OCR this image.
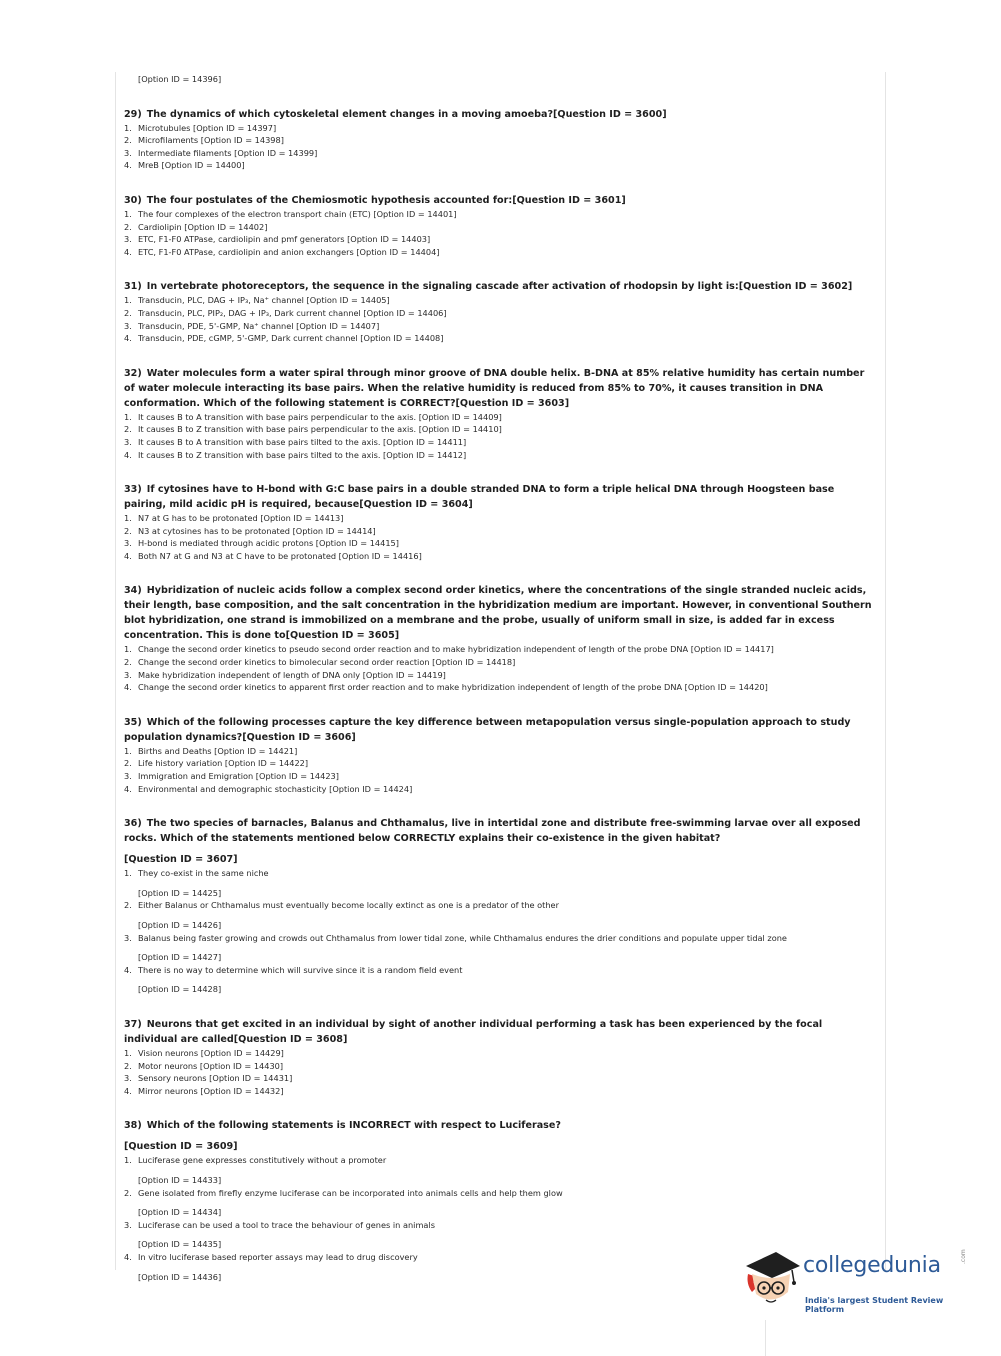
[Option ID = 14396]
29) The dynamics of which cytoskeletal element changes in a moving amoeba?[Question ID = 3600]
1. Microtubules [Option ID = 14397]
2. Microfilaments [Option ID = 14398]
3. Intermediate filaments [Option ID = 14399]
4. MreB [Option ID = 14400]
30) The four postulates of the Chemiosmotic hypothesis accounted for:[Question ID = 3601]
1. The four complexes of the electron transport chain (ETC) [Option ID = 14401]
2. Cardiolipin [Option ID = 14402]
3. ETC, F1-F0 ATPase, cardiolipin and pmf generators [Option ID = 14403]
4. ETC, F1-F0 ATPase, cardiolipin and anion exchangers [Option ID = 14404]
31) In vertebrate photoreceptors, the sequence in the signaling cascade after activation of rhodopsin by light is:[Question ID = 3602]
1. Transducin, PLC, DAG + IP₃, Na⁺ channel [Option ID = 14405]
2. Transducin, PLC, PIP₂, DAG + IP₃, Dark current channel [Option ID = 14406]
3. Transducin, PDE, 5'-GMP, Na⁺ channel [Option ID = 14407]
4. Transducin, PDE, cGMP, 5'-GMP, Dark current channel [Option ID = 14408]
32) Water molecules form a water spiral through minor groove of DNA double helix. B-DNA at 85% relative humidity has certain number of water molecule interacting its base pairs. When the relative humidity is reduced from 85% to 70%, it causes transition in DNA conformation. Which of the following statement is CORRECT?[Question ID = 3603]
1. It causes B to A transition with base pairs perpendicular to the axis. [Option ID = 14409]
2. It causes B to Z transition with base pairs perpendicular to the axis. [Option ID = 14410]
3. It causes B to A transition with base pairs tilted to the axis. [Option ID = 14411]
4. It causes B to Z transition with base pairs tilted to the axis. [Option ID = 14412]
33) If cytosines have to H-bond with G:C base pairs in a double stranded DNA to form a triple helical DNA through Hoogsteen base pairing, mild acidic pH is required, because[Question ID = 3604]
1. N7 at G has to be protonated [Option ID = 14413]
2. N3 at cytosines has to be protonated [Option ID = 14414]
3. H-bond is mediated through acidic protons [Option ID = 14415]
4. Both N7 at G and N3 at C have to be protonated [Option ID = 14416]
34) Hybridization of nucleic acids follow a complex second order kinetics, where the concentrations of the single stranded nucleic acids, their length, base composition, and the salt concentration in the hybridization medium are important. However, in conventional Southern blot hybridization, one strand is immobilized on a membrane and the probe, usually of uniform small in size, is added far in excess concentration. This is done to[Question ID = 3605]
1. Change the second order kinetics to pseudo second order reaction and to make hybridization independent of length of the probe DNA [Option ID = 14417]
2. Change the second order kinetics to bimolecular second order reaction [Option ID = 14418]
3. Make hybridization independent of length of DNA only [Option ID = 14419]
4. Change the second order kinetics to apparent first order reaction and to make hybridization independent of length of the probe DNA [Option ID = 14420]
35) Which of the following processes capture the key difference between metapopulation versus single-population approach to study population dynamics?[Question ID = 3606]
1. Births and Deaths [Option ID = 14421]
2. Life history variation [Option ID = 14422]
3. Immigration and Emigration [Option ID = 14423]
4. Environmental and demographic stochasticity [Option ID = 14424]
36) The two species of barnacles, Balanus and Chthamalus, live in intertidal zone and distribute free-swimming larvae over all exposed rocks. Which of the statements mentioned below CORRECTLY explains their co-existence in the given habitat?
[Question ID = 3607]
1. They co-exist in the same niche
[Option ID = 14425]
2. Either Balanus or Chthamalus must eventually become locally extinct as one is a predator of the other
[Option ID = 14426]
3. Balanus being faster growing and crowds out Chthamalus from lower tidal zone, while Chthamalus endures the drier conditions and populate upper tidal zone
[Option ID = 14427]
4. There is no way to determine which will survive since it is a random field event
[Option ID = 14428]
37) Neurons that get excited in an individual by sight of another individual performing a task has been experienced by the focal individual are called[Question ID = 3608]
1. Vision neurons [Option ID = 14429]
2. Motor neurons [Option ID = 14430]
3. Sensory neurons [Option ID = 14431]
4. Mirror neurons [Option ID = 14432]
38) Which of the following statements is INCORRECT with respect to Luciferase?
[Question ID = 3609]
1. Luciferase gene expresses constitutively without a promoter
[Option ID = 14433]
2. Gene isolated from firefly enzyme luciferase can be incorporated into animals cells and help them glow
[Option ID = 14434]
3. Luciferase can be used a tool to trace the behaviour of genes in animals
[Option ID = 14435]
4. In vitro luciferase based reporter assays may lead to drug discovery
[Option ID = 14436]	collegedunia	.com
India's largest Student Review Platform
